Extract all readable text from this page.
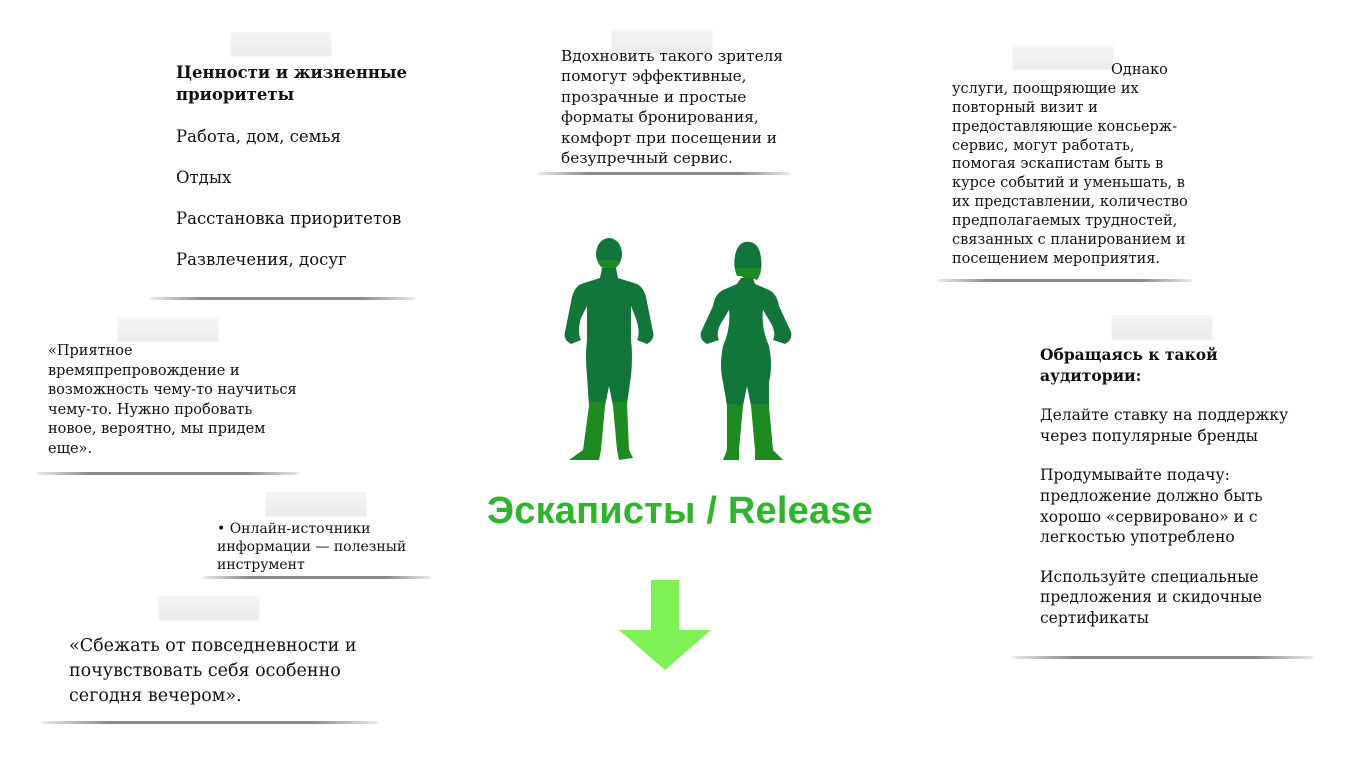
Ценности и жизненные приоритеты

Работа, дом, семья

Отдых

Расстановка приоритетов

Развлечения, досуг

Вдохновить такого зрителя помогут эффективные, прозрачные и простые форматы бронирования, комфорт при посещении и безупречный сервис.
Однако
услуги, поощряющие их повторный визит и предоставляющие консьерж-сервис, могут работать, помогая эскапистам быть в курсе событий и уменьшать, в их представлении, количество предполагаемых трудностей, связанных с планированием и посещением мероприятия.
«Приятное времяпрепровождение и возможность чему-то научиться чему-то. Нужно пробовать новое, вероятно, мы придем еще».
• Онлайн-источники информации — полезный инструмент
«Сбежать от повседневности и почувствовать себя особенно сегодня вечером».

Обращаясь к такой аудитории:

Делайте ставку на поддержку через популярные бренды

Продумывайте подачу: предложение должно быть хорошо «сервировано» и с легкостью употреблено

Используйте специальные предложения и скидочные сертификаты

Эскаписты / Release
